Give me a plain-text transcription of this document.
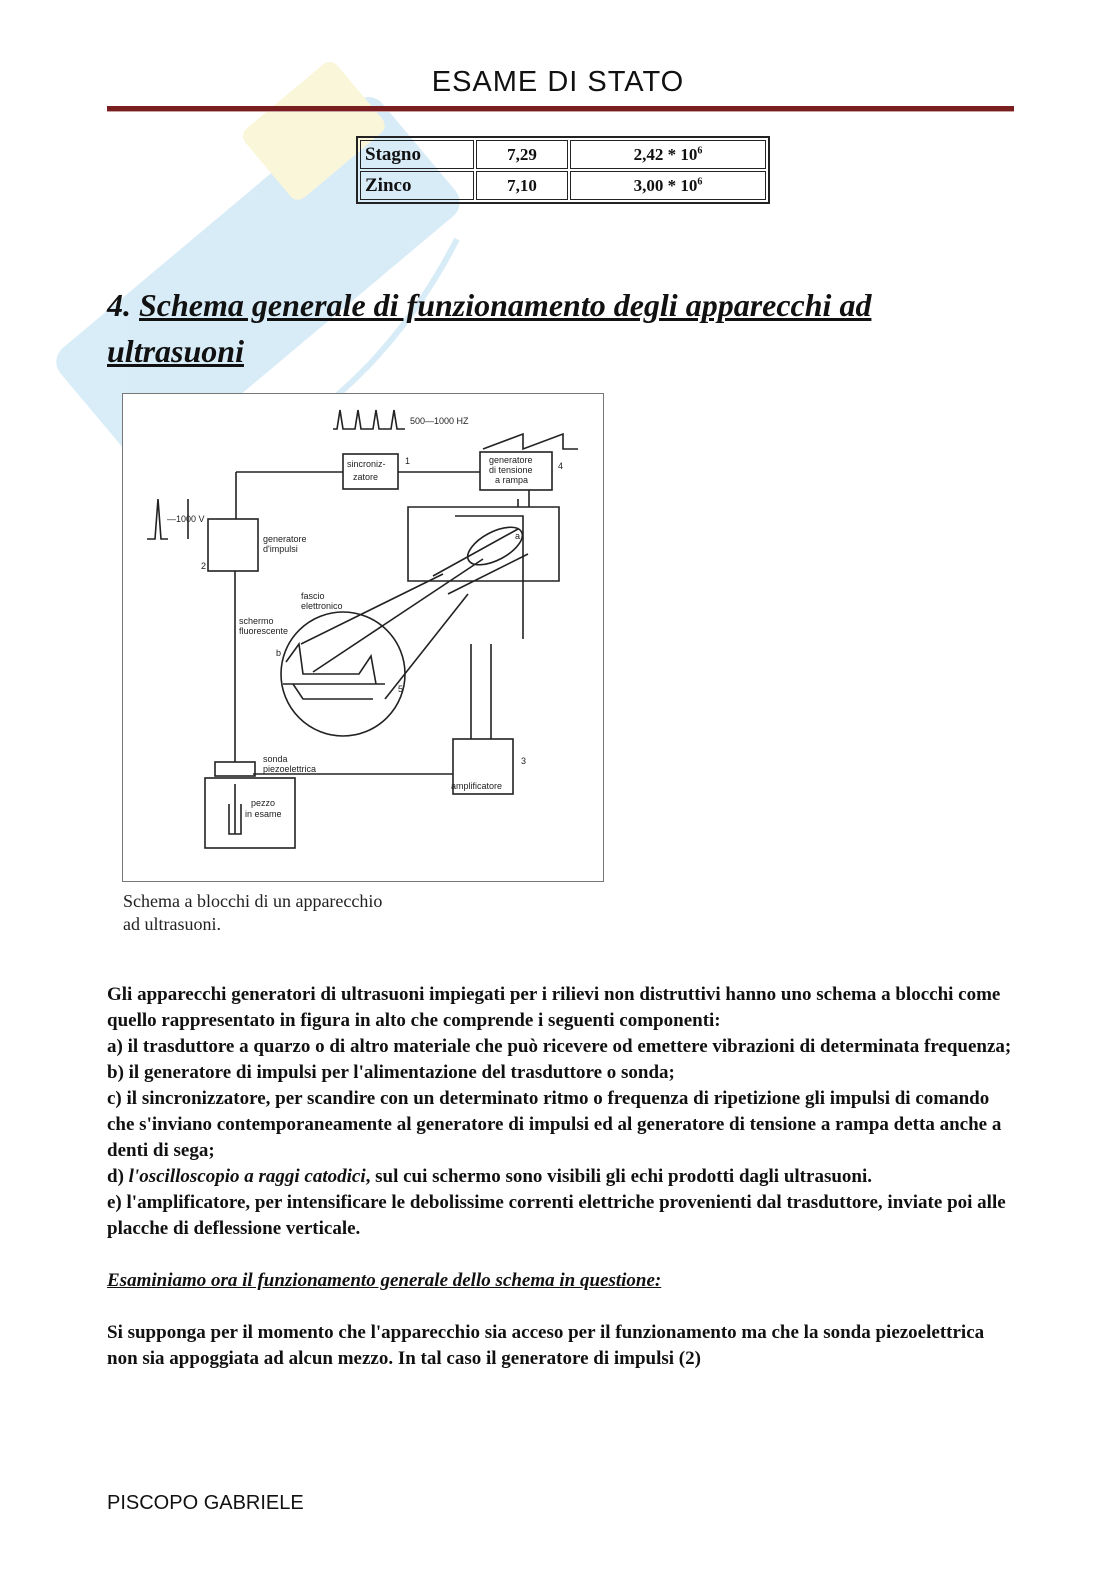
ESAME DI STATO
Stagno	7,29	$2,42 * 10^6$
Zinco	7,10	$3,00 * 10^6$
4. Schema generale di funzionamento degli apparecchi ad
ultrasuoni
500—1000 HZ
sincroniz-
zatore
1	generatore
di tensione
a rampa
4
—1000 V
generatore
d'impulsi
2
fascio
elettronico
schermo
fluorescente
b
a
5
sonda
piezoelettrica
pezzo
in esame
amplificatore
3
Schema a blocchi di un apparecchio
ad ultrasuoni.

Gli apparecchi generatori di ultrasuoni impiegati per i rilievi non distruttivi hanno uno schema a blocchi come quello rappresentato in figura in alto che comprende i seguenti componenti:

a) il trasduttore a quarzo o di altro materiale che può ricevere od emettere vibrazioni di determinata frequenza;

b) il generatore di impulsi per l'alimentazione del trasduttore o sonda;

c) il sincronizzatore, per scandire con un determinato ritmo o frequenza di ripetizione gli impulsi di comando che s'inviano contemporaneamente al generatore di impulsi ed al generatore di tensione a rampa detta anche a denti di sega;

d) l'oscilloscopio a raggi catodici, sul cui schermo sono visibili gli echi prodotti dagli ultrasuoni.

e) l'amplificatore, per intensificare le debolissime correnti elettriche provenienti dal trasduttore, inviate poi alle placche di deflessione verticale.

Esaminiamo ora il funzionamento generale dello schema in questione:

Si supponga per il momento che l'apparecchio sia acceso per il funzionamento ma che la sonda piezoelettrica non sia appoggiata ad alcun mezzo. In tal caso il generatore di impulsi (2)

PISCOPO GABRIELE
